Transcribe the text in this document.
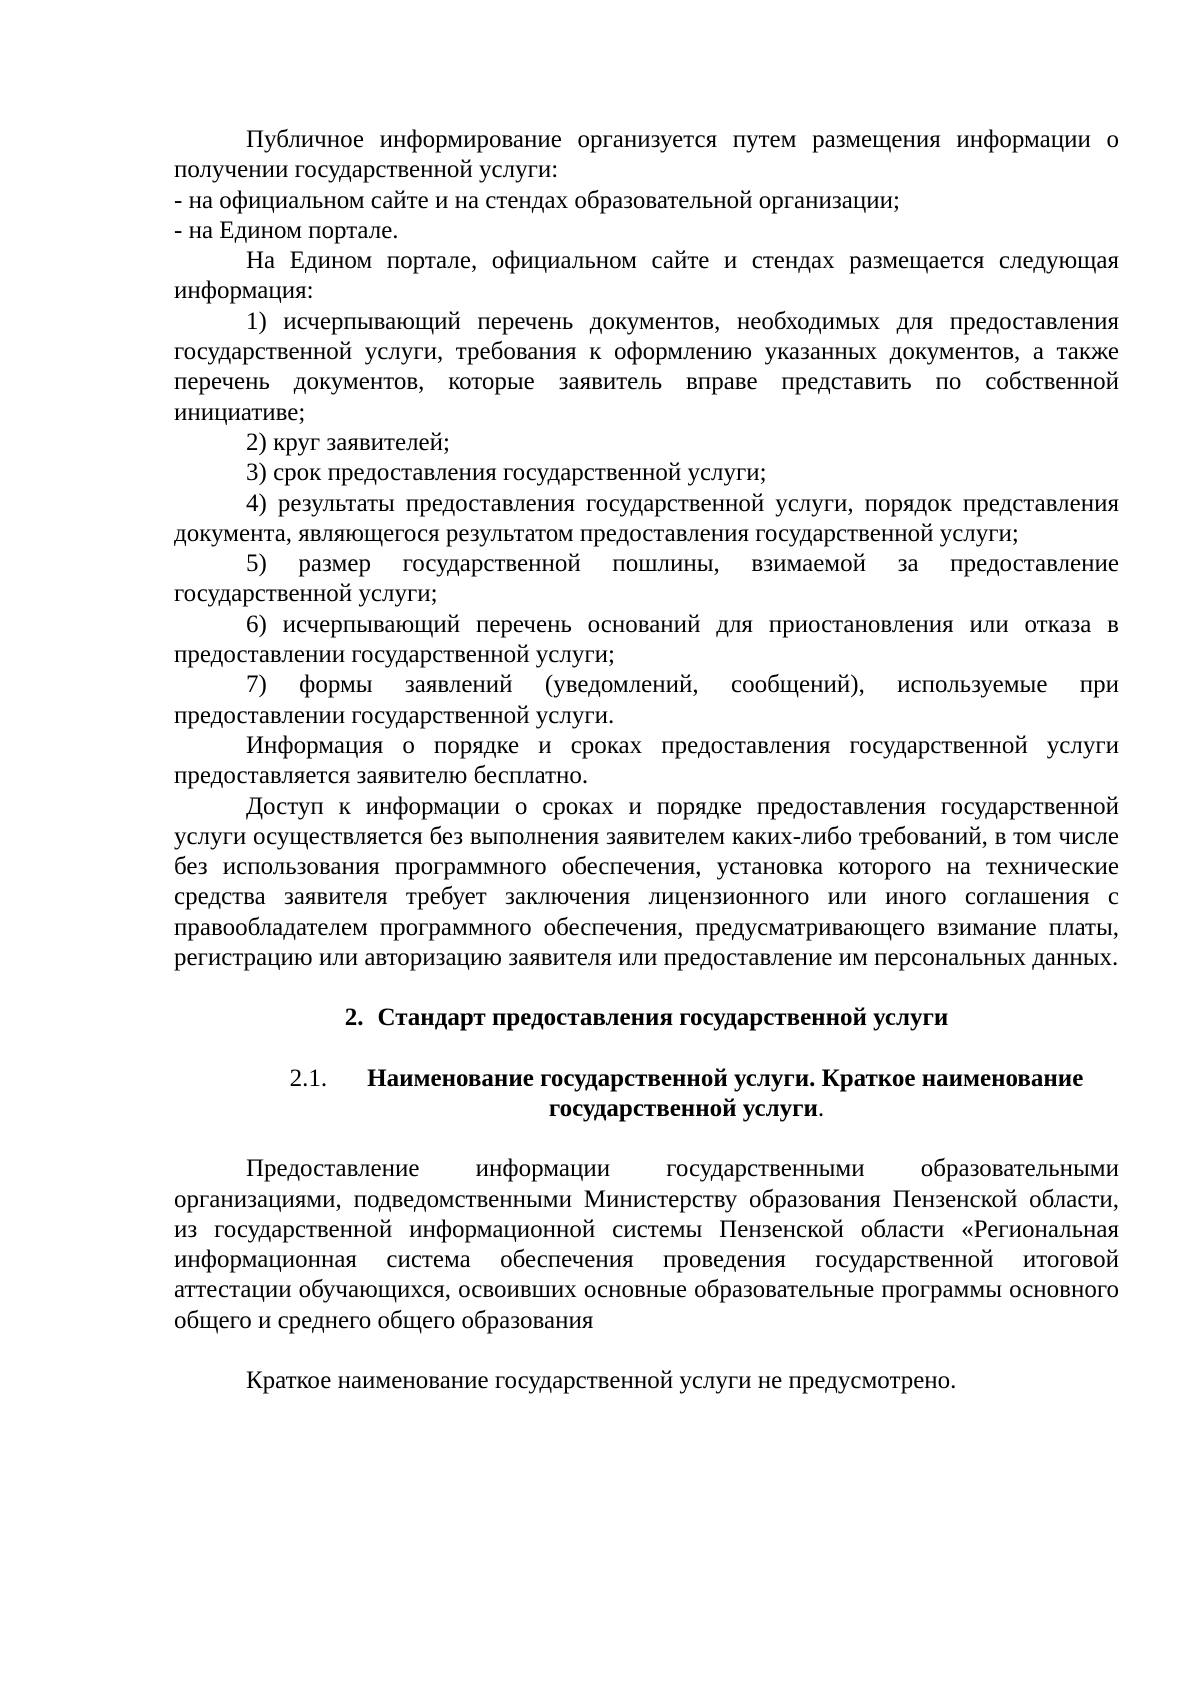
Публичное информирование организуется путем размещения информации о получении государственной услуги:

- на официальном сайте и на стендах образовательной организации;

- на Едином портале.

На Едином портале, официальном сайте и стендах размещается следующая информация:

1) исчерпывающий перечень документов, необходимых для предоставления государственной услуги, требования к оформлению указанных документов, а также перечень документов, которые заявитель вправе представить по собственной инициативе;

2) круг заявителей;

3) срок предоставления государственной услуги;

4) результаты предоставления государственной услуги, порядок представления документа, являющегося результатом предоставления государственной услуги;

5) размер государственной пошлины, взимаемой за предоставление государственной услуги;

6) исчерпывающий перечень оснований для приостановления или отказа в предоставлении государственной услуги;

7) формы заявлений (уведомлений, сообщений), используемые при предоставлении государственной услуги.

Информация о порядке и сроках предоставления государственной услуги предоставляется заявителю бесплатно.

Доступ к информации о сроках и порядке предоставления государственной услуги осуществляется без выполнения заявителем каких-либо требований, в том числе без использования программного обеспечения, установка которого на технические средства заявителя требует заключения лицензионного или иного соглашения с правообладателем программного обеспечения, предусматривающего взимание платы, регистрацию или авторизацию заявителя или предоставление им персональных данных.

2. Стандарт предоставления государственной услуги

2.1. Наименование государственной услуги. Краткое наименование государственной услуги.

Предоставление информации государственными образовательными организациями, подведомственными Министерству образования Пензенской области, из государственной информационной системы Пензенской области «Региональная информационная система обеспечения проведения государственной итоговой аттестации обучающихся, освоивших основные образовательные программы основного общего и среднего общего образования

Краткое наименование государственной услуги не предусмотрено.
